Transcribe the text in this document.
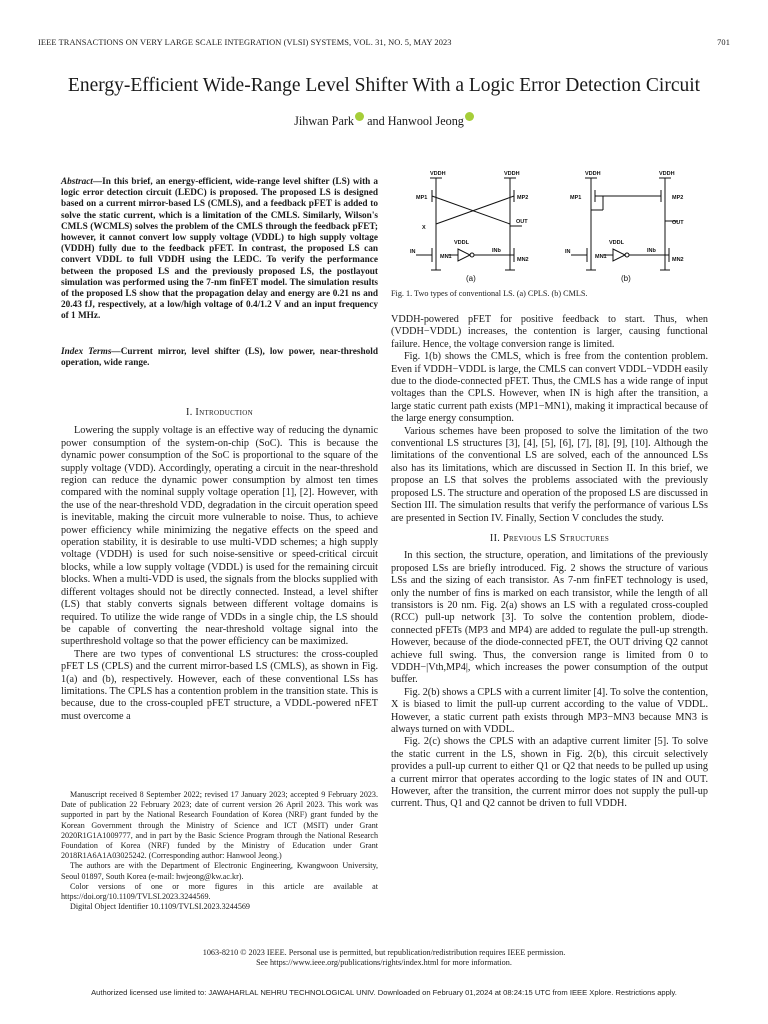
IEEE TRANSACTIONS ON VERY LARGE SCALE INTEGRATION (VLSI) SYSTEMS, VOL. 31, NO. 5, MAY 2023	701
Energy-Efficient Wide-Range Level Shifter With a Logic Error Detection Circuit
Jihwan Park and Hanwool Jeong
Abstract—In this brief, an energy-efficient, wide-range level shifter (LS) with a logic error detection circuit (LEDC) is proposed. The proposed LS is designed based on a current mirror-based LS (CMLS), and a feedback pFET is added to solve the static current, which is a limitation of the CMLS. Similarly, Wilson's CMLS (WCMLS) solves the problem of the CMLS through the feedback pFET; however, it cannot convert low supply voltage (VDDL) to high supply voltage (VDDH) fully due to the feedback pFET. In contrast, the proposed LS can convert VDDL to full VDDH using the LEDC. To verify the performance between the proposed LS and the previously proposed LS, the postlayout simulation was performed using the 7-nm finFET model. The simulation results of the proposed LS show that the propagation delay and energy are 0.21 ns and 20.43 fJ, respectively, at a low/high voltage of 0.4/1.2 V and an input frequency of 1 MHz.
Index Terms—Current mirror, level shifter (LS), low power, near-threshold operation, wide range.
I. Introduction

Lowering the supply voltage is an effective way of reducing the dynamic power consumption of the system-on-chip (SoC). This is because the dynamic power consumption of the SoC is proportional to the square of the supply voltage (VDD). Accordingly, operating a circuit in the near-threshold region can reduce the dynamic power consumption by almost ten times compared with the nominal supply voltage operation [1], [2]. However, with the use of the near-threshold VDD, degradation in the circuit operation speed is inevitable, making the circuit more vulnerable to noise. Thus, to achieve power efficiency while minimizing the negative effects on the speed and operation stability, it is desirable to use multi-VDD schemes; a high supply voltage (VDDH) is used for such noise-sensitive or speed-critical circuit blocks, while a low supply voltage (VDDL) is used for the remaining circuit blocks. When a multi-VDD is used, the signals from the blocks supplied with different voltages should not be directly connected. Instead, a level shifter (LS) that stably converts signals between different voltage domains is required. To utilize the wide range of VDDs in a single chip, the LS should be capable of converting the near-threshold voltage signal into the superthreshold voltage so that the power efficiency can be maximized.

There are two types of conventional LS structures: the cross-coupled pFET LS (CPLS) and the current mirror-based LS (CMLS), as shown in Fig. 1(a) and (b), respectively. However, each of these conventional LSs has limitations. The CPLS has a contention problem in the transition state. This is because, due to the cross-coupled pFET structure, a VDDL-powered nFET must overcome a

Manuscript received 8 September 2022; revised 17 January 2023; accepted 9 February 2023. Date of publication 22 February 2023; date of current version 26 April 2023. This work was supported in part by the National Research Foundation of Korea (NRF) grant funded by the Korean Government through the Ministry of Science and ICT (MSIT) under Grant 2020R1G1A1009777, and in part by the Basic Science Program through the National Research Foundation of Korea (NRF) funded by the Ministry of Education under Grant 2018R1A6A1A03025242. (Corresponding author: Hanwool Jeong.)

The authors are with the Department of Electronic Engineering, Kwangwoon University, Seoul 01897, South Korea (e-mail: hwjeong@kw.ac.kr).

Color versions of one or more figures in this article are available at https://doi.org/10.1109/TVLSI.2023.3244569.

Digital Object Identifier 10.1109/TVLSI.2023.3244569

VDDH	VDDH
MP1	MP2
X
OUT
VDDL
IN
MN1
INb
MN2
VDDH	VDDH
MP1	MP2
OUT
VDDL
IN
MN1
INb
MN2
(a)	(b)
Fig. 1. Two types of conventional LS. (a) CPLS. (b) CMLS.

VDDH-powered pFET for positive feedback to start. Thus, when (VDDH−VDDL) increases, the contention is larger, causing functional failure. Hence, the voltage conversion range is limited.

Fig. 1(b) shows the CMLS, which is free from the contention problem. Even if VDDH−VDDL is large, the CMLS can convert VDDL−VDDH easily due to the diode-connected pFET. Thus, the CMLS has a wide range of input voltages than the CPLS. However, when IN is high after the transition, a large static current path exists (MP1−MN1), making it impractical because of the large energy consumption.

Various schemes have been proposed to solve the limitation of the two conventional LS structures [3], [4], [5], [6], [7], [8], [9], [10]. Although the limitations of the conventional LS are solved, each of the announced LSs also has its limitations, which are discussed in Section II. In this brief, we propose an LS that solves the problems associated with the previously proposed LS. The structure and operation of the proposed LS are discussed in Section III. The simulation results that verify the performance of various LSs are presented in Section IV. Finally, Section V concludes the study.

II. Previous LS Structures

In this section, the structure, operation, and limitations of the previously proposed LSs are briefly introduced. Fig. 2 shows the structure of various LSs and the sizing of each transistor. As 7-nm finFET technology is used, only the number of fins is marked on each transistor, while the length of all transistors is 20 nm. Fig. 2(a) shows an LS with a regulated cross-coupled (RCC) pull-up network [3]. To solve the contention problem, diode-connected pFETs (MP3 and MP4) are added to regulate the pull-up strength. However, because of the diode-connected pFET, the OUT driving Q2 cannot achieve full swing. Thus, the conversion range is limited from 0 to VDDH−|Vth,MP4|, which increases the power consumption of the output buffer.

Fig. 2(b) shows a CPLS with a current limiter [4]. To solve the contention, X is biased to limit the pull-up current according to the value of VDDL. However, a static current path exists through MP3−MN3 because MN3 is always turned on with VDDL.

Fig. 2(c) shows the CPLS with an adaptive current limiter [5]. To solve the static current in the LS, shown in Fig. 2(b), this circuit selectively provides a pull-up current to either Q1 or Q2 that needs to be pulled up using a current mirror that operates according to the logic states of IN and OUT. However, after the transition, the current mirror does not supply the pull-up current. Thus, Q1 and Q2 cannot be driven to full VDDH.

1063-8210 © 2023 IEEE. Personal use is permitted, but republication/redistribution requires IEEE permission.
See https://www.ieee.org/publications/rights/index.html for more information.
Authorized licensed use limited to: JAWAHARLAL NEHRU TECHNOLOGICAL UNIV. Downloaded on February 01,2024 at 08:24:15 UTC from IEEE Xplore. Restrictions apply.
